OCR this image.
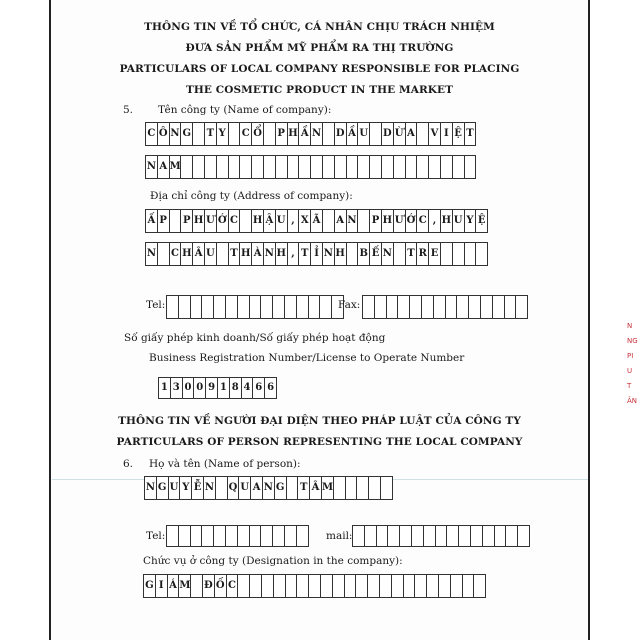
THÔNG TIN VỀ TỔ CHỨC, CÁ NHÂN CHỊU TRÁCH NHIỆM
ĐƯA SẢN PHẨM MỸ PHẨM RA THỊ TRƯỜNG
PARTICULARS OF LOCAL COMPANY RESPONSIBLE FOR PLACING
THE COSMETIC PRODUCT IN THE MARKET
5. Tên công ty (Name of company):
C Ô N G T Y C Ổ P H Ầ N D Ầ U D Ừ A V I Ệ T
N A M
Địa chỉ công ty (Address of company):
Ấ P P H Ư Ớ C H Ậ U , X Ã A N P H Ư Ớ C , H U Y Ệ
N C H Â U T H À N H , T Ỉ N H B Ế N T R E
Tel:	Fax:
Số giấy phép kinh doanh/Số giấy phép hoạt động
Business Registration Number/License to Operate Number
1 3 0 0 9 1 8 4 6 6
THÔNG TIN VỀ NGƯỜI ĐẠI DIỆN THEO PHÁP LUẬT CỦA CÔNG TY
PARTICULARS OF PERSON REPRESENTING THE LOCAL COMPANY
6. Họ và tên (Name of person):
N G U Y Ễ N Q U A N G T Â M
Tel:	mail:
Chức vụ ở công ty (Designation in the company):
G I Á M Đ Ố C
N
NG
PI
U
T
ẢN
